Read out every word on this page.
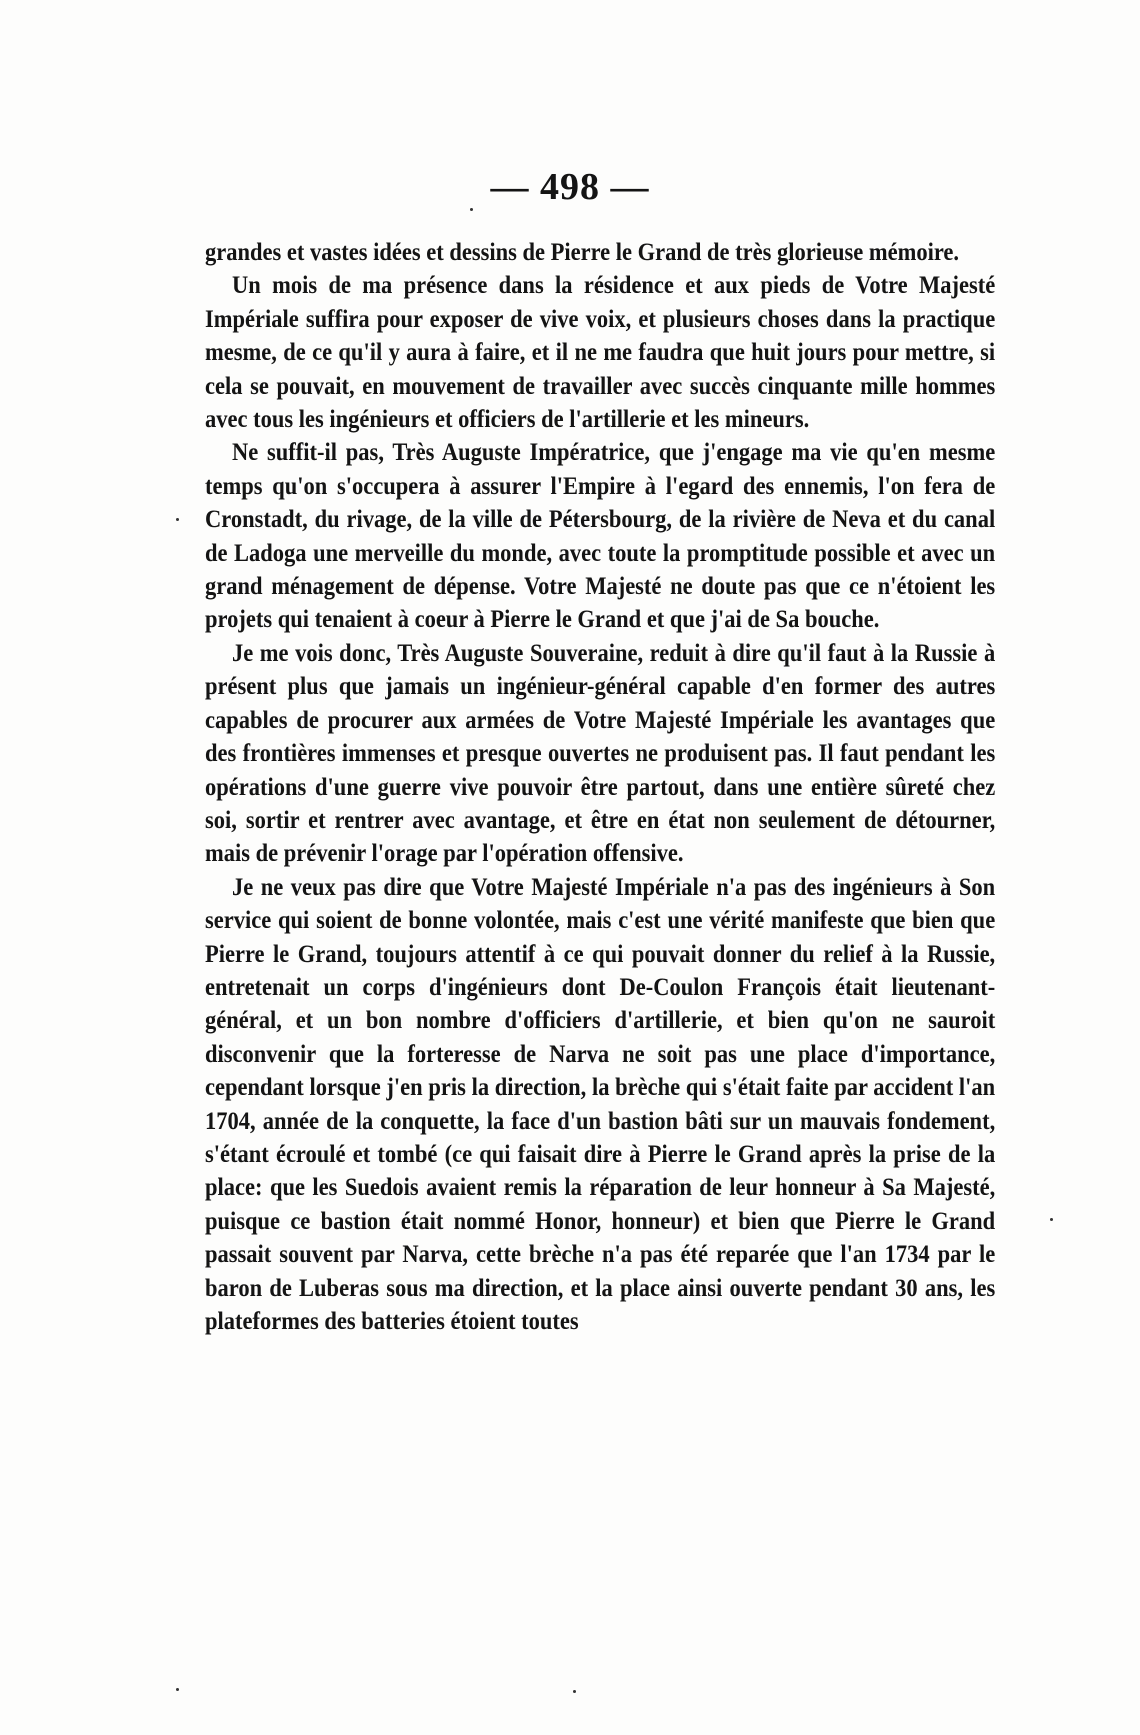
— 498 —

grandes et vastes idées et dessins de Pierre le Grand de très glorieuse mémoire.

Un mois de ma présence dans la résidence et aux pieds de Votre Majesté Impériale suffira pour exposer de vive voix, et plusieurs choses dans la practique mesme, de ce qu'il y aura à faire, et il ne me faudra que huit jours pour mettre, si cela se pouvait, en mouvement de travailler avec succès cinquante mille hommes avec tous les ingénieurs et officiers de l'artillerie et les mineurs.

Ne suffit-il pas, Très Auguste Impératrice, que j'engage ma vie qu'en mesme temps qu'on s'occupera à assurer l'Empire à l'egard des ennemis, l'on fera de Cronstadt, du rivage, de la ville de Pétersbourg, de la rivière de Neva et du canal de Ladoga une merveille du monde, avec toute la promptitude possible et avec un grand ménagement de dépense. Votre Majesté ne doute pas que ce n'étoient les projets qui tenaient à coeur à Pierre le Grand et que j'ai de Sa bouche.

Je me vois donc, Très Auguste Souveraine, reduit à dire qu'il faut à la Russie à présent plus que jamais un ingénieur-général capable d'en former des autres capables de procurer aux armées de Votre Majesté Impériale les avantages que des frontières immenses et presque ouvertes ne produisent pas. Il faut pendant les opérations d'une guerre vive pouvoir être partout, dans une entière sûreté chez soi, sortir et rentrer avec avantage, et être en état non seulement de détourner, mais de prévenir l'orage par l'opération offensive.

Je ne veux pas dire que Votre Majesté Impériale n'a pas des ingénieurs à Son service qui soient de bonne volontée, mais c'est une vérité manifeste que bien que Pierre le Grand, toujours attentif à ce qui pouvait donner du relief à la Russie, entretenait un corps d'ingénieurs dont De-Coulon François était lieutenant-général, et un bon nombre d'officiers d'artillerie, et bien qu'on ne sauroit disconvenir que la forteresse de Narva ne soit pas une place d'importance, cependant lorsque j'en pris la direction, la brèche qui s'était faite par accident l'an 1704, année de la conquette, la face d'un bastion bâti sur un mauvais fondement, s'étant écroulé et tombé (ce qui faisait dire à Pierre le Grand après la prise de la place: que les Suedois avaient remis la réparation de leur honneur à Sa Majesté, puisque ce bastion était nommé Honor, honneur) et bien que Pierre le Grand passait souvent par Narva, cette brèche n'a pas été reparée que l'an 1734 par le baron de Luberas sous ma direction, et la place ainsi ouverte pendant 30 ans, les plateformes des batteries étoient toutes
